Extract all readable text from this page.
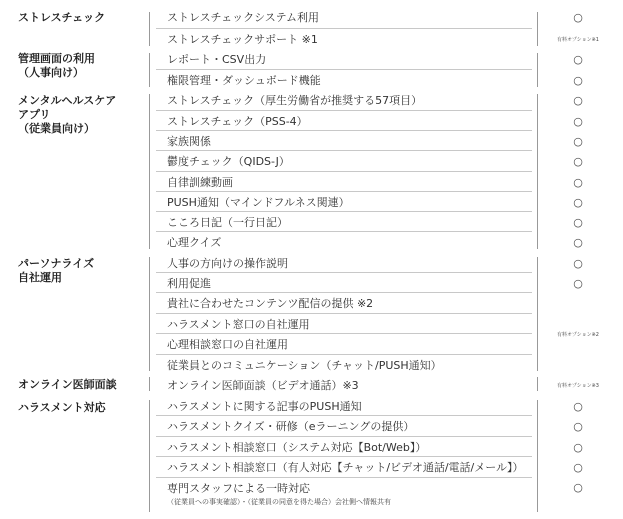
ストレスチェック
管理画面の利用
（人事向け）
メンタルヘルスケア
アプリ
（従業員向け）
パーソナライズ
自社運用
オンライン医師面談
ハラスメント対応
ストレスチェックシステム利用
ストレスチェックサポート ※1
レポート・CSV出力
権限管理・ダッシュボード機能
ストレスチェック（厚生労働省が推奨する57項目）
ストレスチェック（PSS-4）
家族関係
鬱度チェック（QIDS-J）
自律訓練動画
PUSH通知（マインドフルネス関連）
こころ日記（一行日記）
心理クイズ
人事の方向けの操作説明
利用促進
貴社に合わせたコンテンツ配信の提供 ※2
ハラスメント窓口の自社運用
心理相談窓口の自社運用
従業員とのコミュニケーション（チャット/PUSH通知）
オンライン医師面談（ビデオ通話）※3
ハラスメントに関する記事のPUSH通知
ハラスメントクイズ・研修（eラーニングの提供）
ハラスメント相談窓口（システム対応【Bot/Web】）
ハラスメント相談窓口（有人対応【チャット/ビデオ通話/電話/メール】）
専門スタッフによる一時対応
（従業員への事実確認）・（従業員の同意を得た場合）会社側へ情報共有
○
有料オプション※1
○
○
○
○
○
○
○
○
○
○
○
○
有料オプション※2
有料オプション※3
○
○
○
○
○
